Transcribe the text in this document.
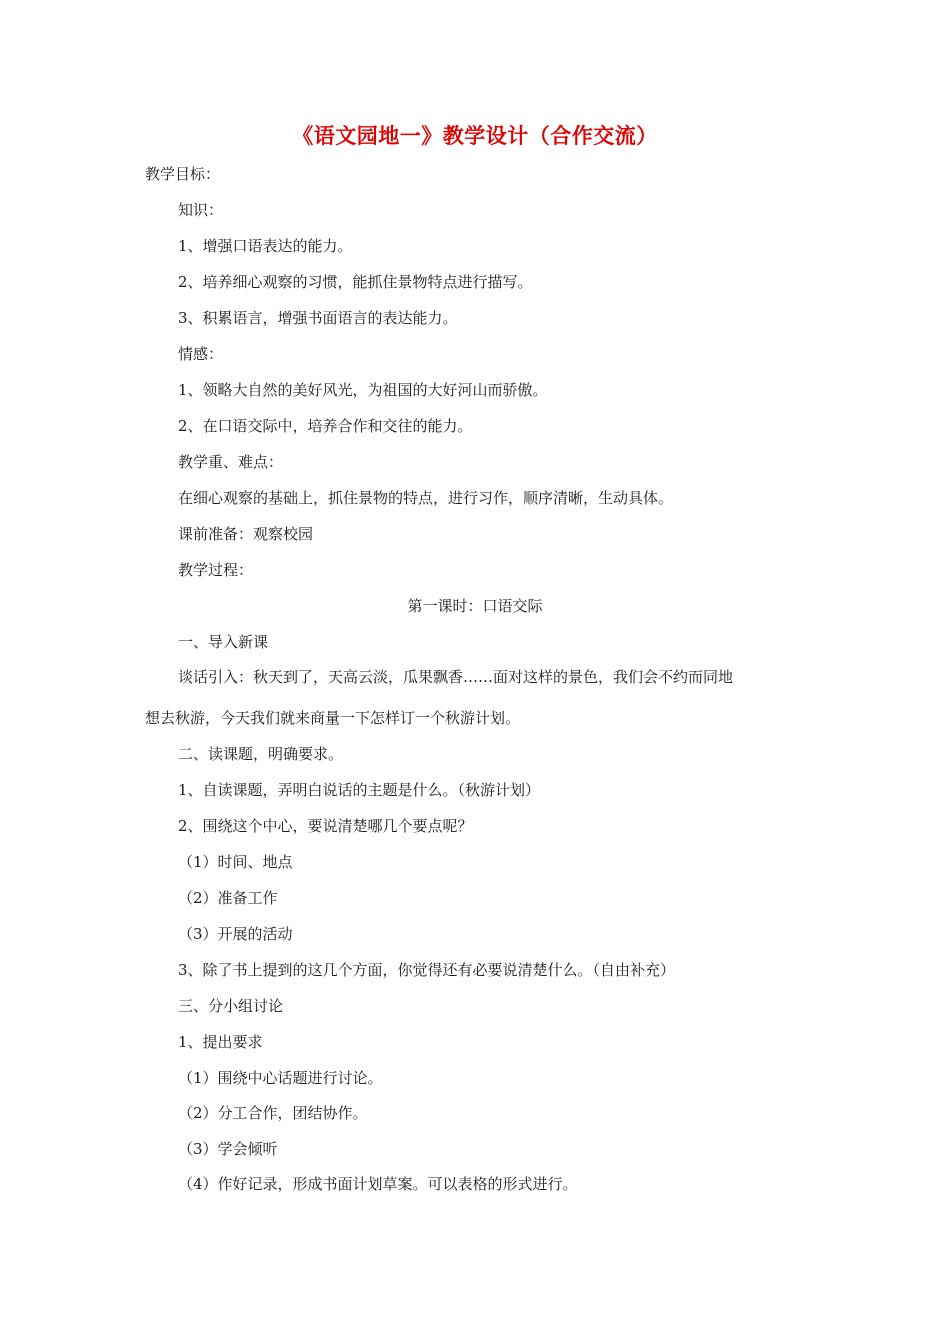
《语文园地一》教学设计（合作交流）
教学目标：
知识：
1、增强口语表达的能力。
2、培养细心观察的习惯，能抓住景物特点进行描写。
3、积累语言，增强书面语言的表达能力。
情感：
1、领略大自然的美好风光，为祖国的大好河山而骄傲。
2、在口语交际中，培养合作和交往的能力。
教学重、难点：
在细心观察的基础上，抓住景物的特点，进行习作，顺序清晰，生动具体。
课前准备：观察校园
教学过程：
第一课时：口语交际
一、导入新课
谈话引入：秋天到了，天高云淡，瓜果飘香……面对这样的景色，我们会不约而同地
想去秋游，今天我们就来商量一下怎样订一个秋游计划。
二、读课题，明确要求。
1、自读课题，弄明白说话的主题是什么。（秋游计划）
2、围绕这个中心，要说清楚哪几个要点呢？
（1）时间、地点
（2）准备工作
（3）开展的活动
3、除了书上提到的这几个方面，你觉得还有必要说清楚什么。（自由补充）
三、分小组讨论
1、提出要求
（1）围绕中心话题进行讨论。
（2）分工合作，团结协作。
（3）学会倾听
（4）作好记录，形成书面计划草案。可以表格的形式进行。
